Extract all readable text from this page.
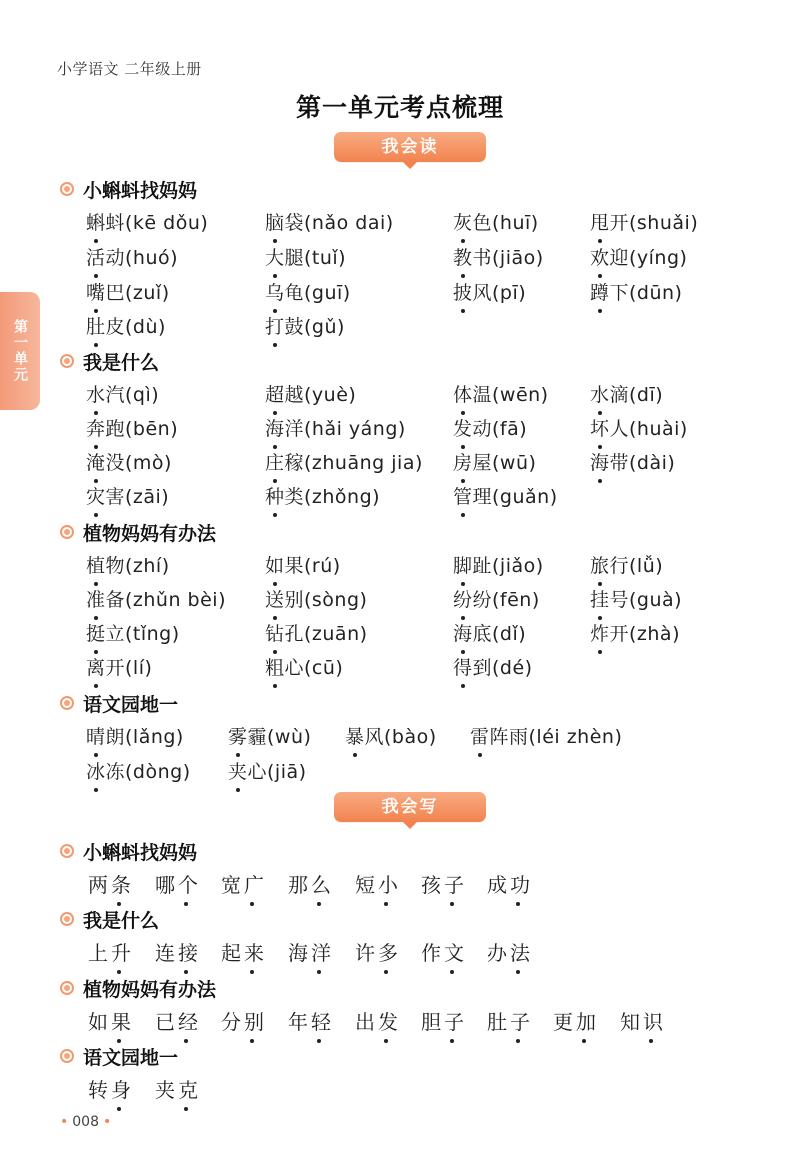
小学语文 二年级上册
第一单元考点梳理
第一单元
我会读
小蝌蚪找妈妈
蝌蚪(kē dǒu)	脑袋(nǎo dai)	灰色(huī)	甩开(shuǎi)
活动(huó)	大腿(tuǐ)	教书(jiāo) 欢迎(yíng)
嘴巴(zuǐ)	乌龟(guī)	披风(pī)	蹲下(dūn)
肚皮(dù)	打鼓(gǔ)
我是什么
水汽(qì)	超越(yuè)	体温(wēn) 水滴(dī)
奔跑(bēn)	海洋(hǎi yáng) 发动(fā)	坏人(huài)
淹没(mò)	庄稼(zhuāng jia) 房屋(wū)	海带(dài)
灾害(zāi)	种类(zhǒng)	管理(guǎn)
植物妈妈有办法
植物(zhí)	如果(rú)	脚趾(jiǎo) 旅行(lǚ)
准备(zhǔn bèi) 送别(sòng)	纷纷(fēn)	挂号(guà)
挺立(tǐng)	钻孔(zuān)	海底(dǐ)	炸开(zhà)
离开(lí)	粗心(cū)	得到(dé)
语文园地一
晴朗(lǎng) 雾霾(wù) 暴风(bào) 雷阵雨(léi zhèn)
冰冻(dòng) 夹心(jiā)
我会写
小蝌蚪找妈妈
两条 哪个 宽广 那么 短小 孩子 成功
我是什么
上升 连接 起来 海洋 许多 作文 办法
植物妈妈有办法
如果 已经 分别 年轻 出发 胆子 肚子 更加 知识
语文园地一
转身 夹克
• 008 •
